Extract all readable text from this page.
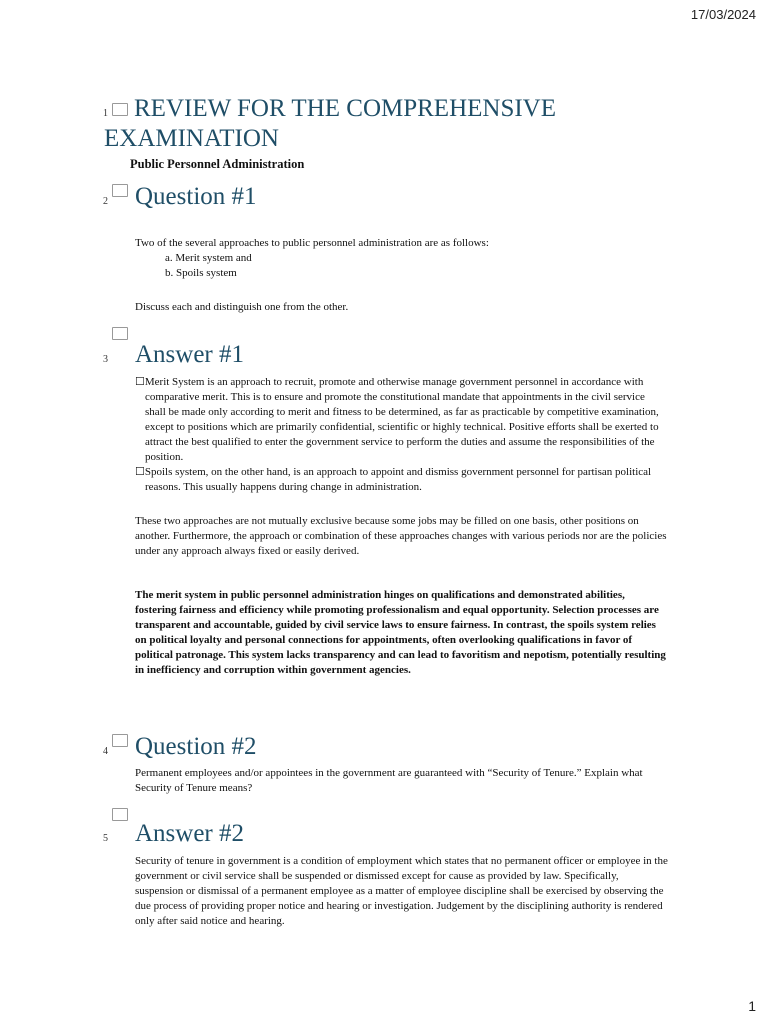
17/03/2024
1	REVIEW FOR THE COMPREHENSIVE
EXAMINATION
Public Personnel Administration
2 Question #1

Two of the several approaches to public personnel administration are as follows:

a. Merit system and

b. Spoils system

Discuss each and distinguish one from the other.

3 Answer #1

☐Merit System is an approach to recruit, promote and otherwise manage government personnel in accordance with comparative merit. This is to ensure and promote the constitutional mandate that appointments in the civil service shall be made only according to merit and fitness to be determined, as far as practicable by competitive examination, except to positions which are primarily confidential, scientific or highly technical. Positive efforts shall be exerted to attract the best qualified to enter the government service to perform the duties and assume the responsibilities of the position.

☐Spoils system, on the other hand, is an approach to appoint and dismiss government personnel for partisan political reasons. This usually happens during change in administration.

These two approaches are not mutually exclusive because some jobs may be filled on one basis, other positions on another. Furthermore, the approach or combination of these approaches changes with various periods nor are the policies under any approach always fixed or easily derived.
The merit system in public personnel administration hinges on qualifications and demonstrated abilities, fostering fairness and efficiency while promoting professionalism and equal opportunity. Selection processes are transparent and accountable, guided by civil service laws to ensure fairness. In contrast, the spoils system relies on political loyalty and personal connections for appointments, often overlooking qualifications in favor of political patronage. This system lacks transparency and can lead to favoritism and nepotism, potentially resulting in inefficiency and corruption within government agencies.
4 Question #2
Permanent employees and/or appointees in the government are guaranteed with “Security of Tenure.” Explain what Security of Tenure means?
5 Answer #2
Security of tenure in government is a condition of employment which states that no permanent officer or employee in the government or civil service shall be suspended or dismissed except for cause as provided by law. Specifically, suspension or dismissal of a permanent employee as a matter of employee discipline shall be exercised by observing the due process of providing proper notice and hearing or investigation. Judgement by the disciplining authority is rendered only after said notice and hearing.
1
